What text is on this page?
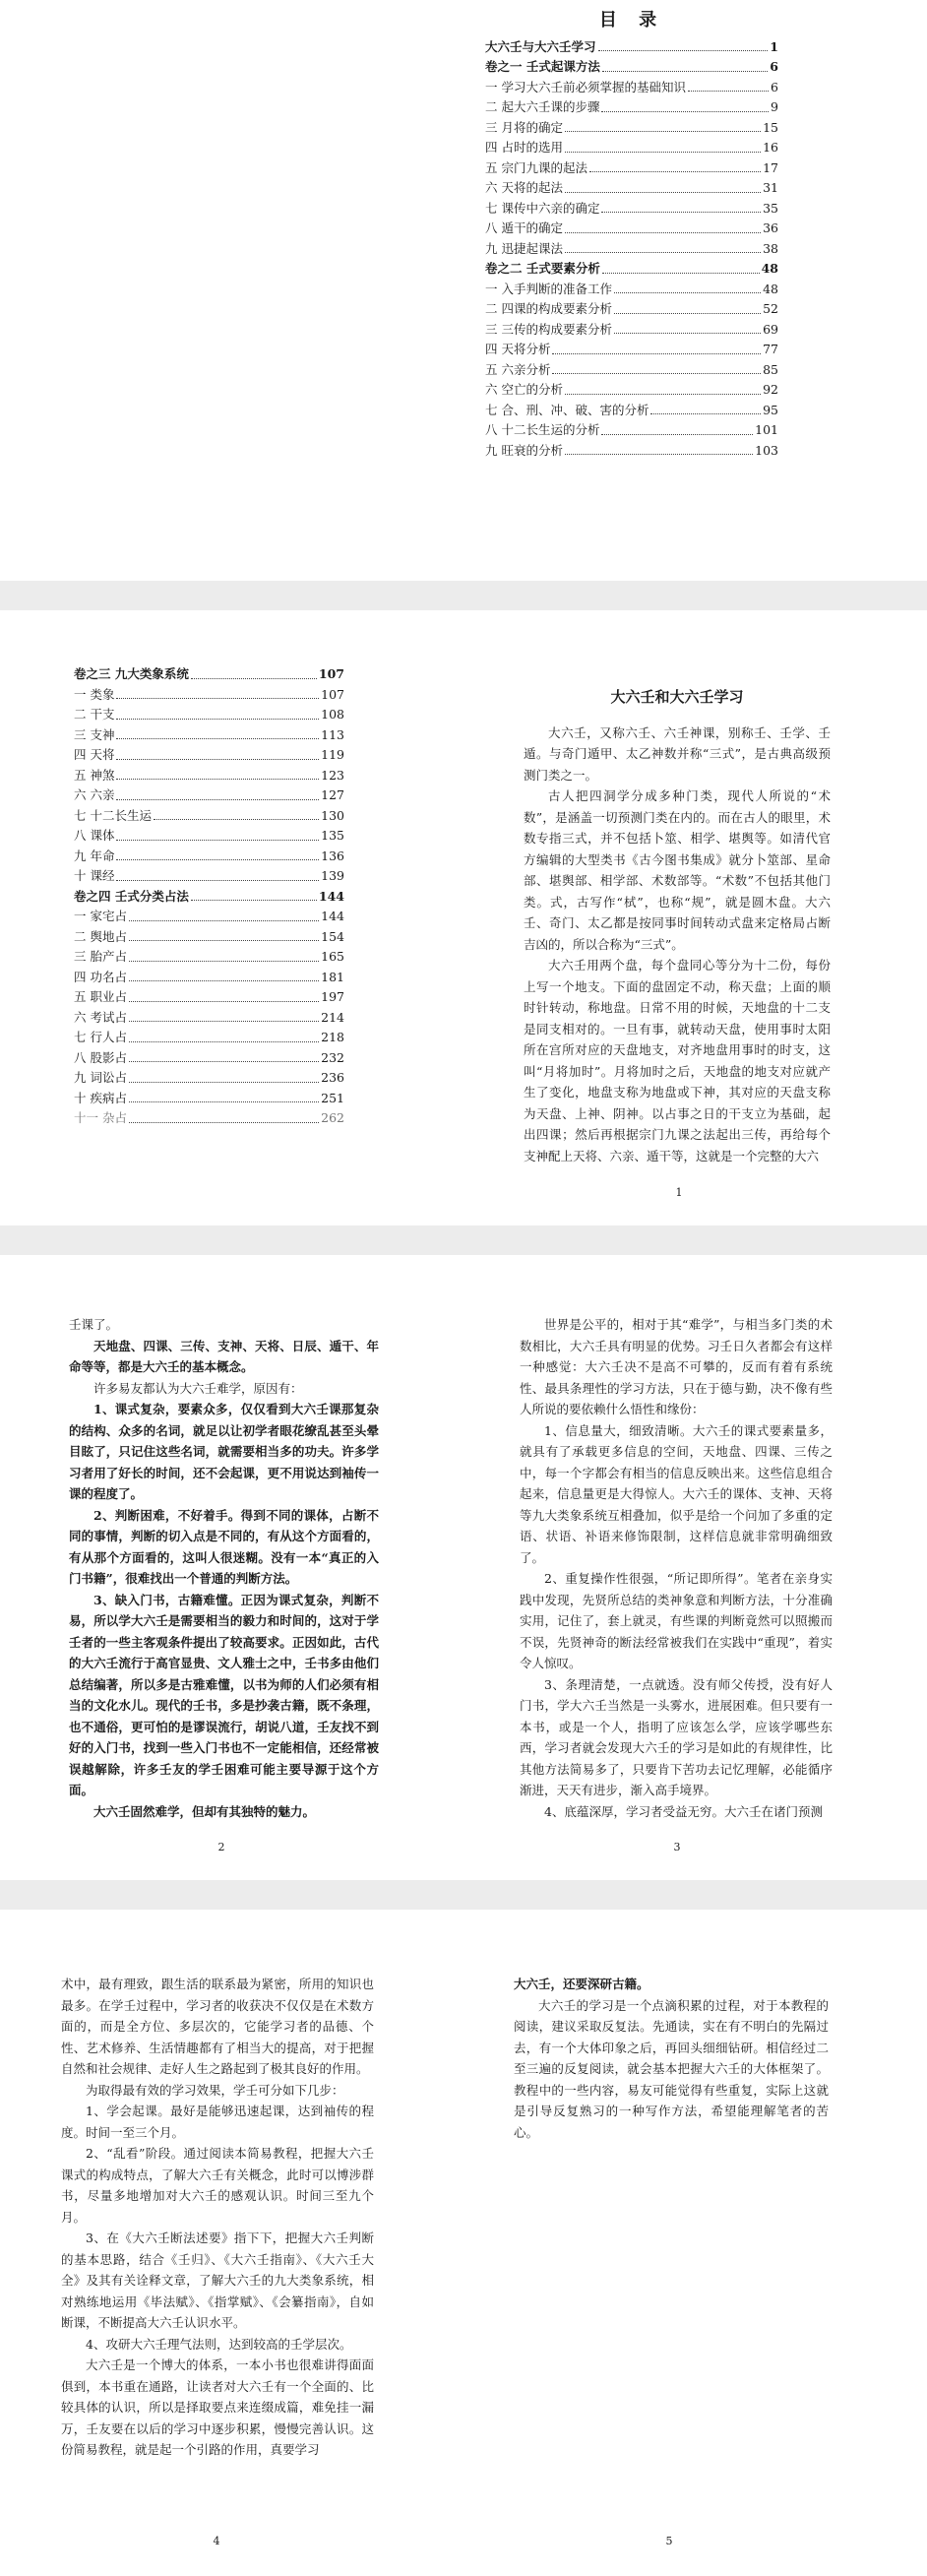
目 录
大六壬与大六壬学习	1
卷之一 壬式起课方法	6
一 学习大六壬前必须掌握的基础知识	6
二 起大六壬课的步骤	9
三 月将的确定	15
四 占时的选用	16
五 宗门九课的起法	17
六 天将的起法	31
七 课传中六亲的确定	35
八 遁干的确定	36
九 迅捷起课法	38
卷之二 壬式要素分析	48
一 入手判断的准备工作	48
二 四课的构成要素分析	52
三 三传的构成要素分析	69
四 天将分析	77
五 六亲分析	85
六 空亡的分析	92
七 合、刑、冲、破、害的分析	95
八 十二长生运的分析	101
九 旺衰的分析	103
卷之三 九大类象系统	107
一 类象	107
二 干支	108
三 支神	113
四 天将	119
五 神煞	123
六 六亲	127
七 十二长生运	130
八 课体	135
九 年命	136
十 课经	139
卷之四 壬式分类占法	144
一 家宅占	144
二 舆地占	154
三 胎产占	165
四 功名占	181
五 职业占	197
六 考试占	214
七 行人占	218
八 股影占	232
九 词讼占	236
十 疾病占	251
十一 杂占	262
大六壬和大六壬学习

大六壬，又称六壬、六壬神课，别称壬、壬学、壬遁。与奇门遁甲、太乙神数并称“三式”，是古典高级预测门类之一。

古人把四洞学分成多种门类，现代人所说的“术数”，是涵盖一切预测门类在内的。而在古人的眼里，术数专指三式，并不包括卜筮、相学、堪舆等。如清代官方编辑的大型类书《古今图书集成》就分卜筮部、星命部、堪舆部、相学部、术数部等。“术数”不包括其他门类。式，古写作“栻”，也称“规”，就是圆木盘。大六壬、奇门、太乙都是按同事时间转动式盘来定格局占断吉凶的，所以合称为“三式”。

大六壬用两个盘，每个盘同心等分为十二份，每份上写一个地支。下面的盘固定不动，称天盘；上面的顺时针转动，称地盘。日常不用的时候，天地盘的十二支是同支相对的。一旦有事，就转动天盘，使用事时太阳所在宫所对应的天盘地支，对齐地盘用事时的时支，这叫“月将加时”。月将加时之后，天地盘的地支对应就产生了变化，地盘支称为地盘或下神，其对应的天盘支称为天盘、上神、阴神。以占事之日的干支立为基础，起出四课；然后再根据宗门九课之法起出三传，再给每个支神配上天将、六亲、遁干等，这就是一个完整的大六

1

壬课了。

天地盘、四课、三传、支神、天将、日辰、遁干、年命等等，都是大六壬的基本概念。

许多易友都认为大六壬难学，原因有：

1、课式复杂，要素众多，仅仅看到大六壬课那复杂的结构、众多的名词，就足以让初学者眼花缭乱甚至头晕目眩了，只记住这些名词，就需要相当多的功夫。许多学习者用了好长的时间，还不会起课，更不用说达到袖传一课的程度了。

2、判断困难，不好着手。得到不同的课体，占断不同的事情，判断的切入点是不同的，有从这个方面看的，有从那个方面看的，这叫人很迷糊。没有一本“真正的入门书籍”，很难找出一个普通的判断方法。

3、缺入门书，古籍难懂。正因为课式复杂，判断不易，所以学大六壬是需要相当的毅力和时间的，这对于学壬者的一些主客观条件提出了较高要求。正因如此，古代的大六壬流行于高官显贵、文人雅士之中，壬书多由他们总结编著，所以多是古雅难懂，以书为师的人们必须有相当的文化水儿。现代的壬书，多是抄袭古籍，既不条理，也不通俗，更可怕的是谬误流行，胡说八道，壬友找不到好的入门书，找到一些入门书也不一定能相信，还经常被误越解除，许多壬友的学壬困难可能主要导源于这个方面。

大六壬固然难学，但却有其独特的魅力。

2

世界是公平的，相对于其“难学”，与相当多门类的术数相比，大六壬具有明显的优势。习壬日久者都会有这样一种感觉：大六壬决不是高不可攀的，反而有着有系统性、最具条理性的学习方法，只在于德与勤，决不像有些人所说的要依赖什么悟性和缘份：

1、信息量大，细致清晰。大六壬的课式要素量多，就具有了承载更多信息的空间，天地盘、四课、三传之中，每一个字都会有相当的信息反映出来。这些信息组合起来，信息量更是大得惊人。大六壬的课体、支神、天将等九大类象系统互相叠加，似乎是给一个问加了多重的定语、状语、补语来修饰限制，这样信息就非常明确细致了。

2、重复操作性很强，“所记即所得”。笔者在亲身实践中发现，先贤所总结的类神象意和判断方法，十分准确实用，记住了，套上就灵，有些课的判断竟然可以照搬而不误，先贤神奇的断法经常被我们在实践中“重现”，着实令人惊叹。

3、条理清楚，一点就透。没有师父传授，没有好人门书，学大六壬当然是一头雾水，进展困难。但只要有一本书，或是一个人，指明了应该怎么学，应该学哪些东西，学习者就会发现大六壬的学习是如此的有规律性，比其他方法简易多了，只要肯下苦功去记忆理解，必能循序渐进，天天有进步，渐入高手境界。

4、底蕴深厚，学习者受益无穷。大六壬在诸门预测

3

术中，最有理致，跟生活的联系最为紧密，所用的知识也最多。在学壬过程中，学习者的收获决不仅仅是在术数方面的，而是全方位、多层次的，它能学习者的品德、个性、艺术修养、生活情趣都有了相当大的提高，对于把握自然和社会规律、走好人生之路起到了极其良好的作用。

为取得最有效的学习效果，学壬可分如下几步：

1、学会起课。最好是能够迅速起课，达到袖传的程度。时间一至三个月。

2、“乱看”阶段。通过阅读本简易教程，把握大六壬课式的构成特点，了解大六壬有关概念，此时可以博涉群书，尽量多地增加对大六壬的感观认识。时间三至九个月。

3、在《大六壬断法述要》指下下，把握大六壬判断的基本思路，结合《壬归》、《大六壬指南》、《大六壬大全》及其有关诠释文章，了解大六壬的九大类象系统，相对熟练地运用《毕法赋》、《指掌赋》、《会纂指南》，自如断课，不断提高大六壬认识水平。

4、攻研大六壬理气法则，达到较高的壬学层次。

大六壬是一个博大的体系，一本小书也很难讲得面面俱到，本书重在通路，让读者对大六壬有一个全面的、比较具体的认识，所以是择取要点来连缀成篇，难免挂一漏万，壬友要在以后的学习中逐步积累，慢慢完善认识。这份简易教程，就是起一个引路的作用，真要学习

4

大六壬，还要深研古籍。

大六壬的学习是一个点滴积累的过程，对于本教程的阅读，建议采取反复法。先通读，实在有不明白的先隔过去，有一个大体印象之后，再回头细细钻研。相信经过二至三遍的反复阅读，就会基本把握大六壬的大体框架了。教程中的一些内容，易友可能觉得有些重复，实际上这就是引导反复熟习的一种写作方法，希望能理解笔者的苦心。

5
